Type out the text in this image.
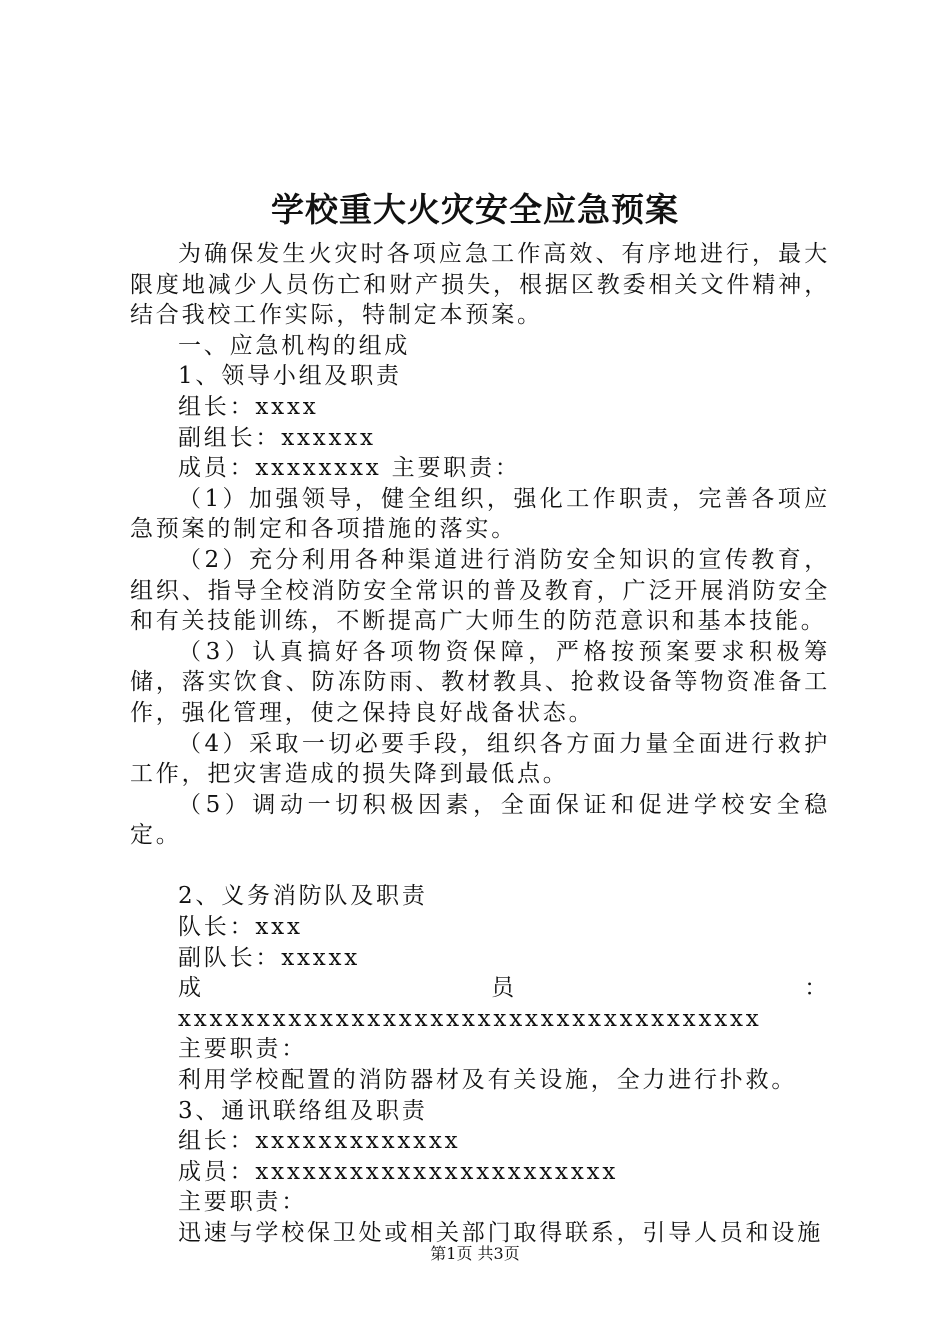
学校重大火灾安全应急预案

为确保发生火灾时各项应急工作高效、有序地进行，最大限度地减少人员伤亡和财产损失，根据区教委相关文件精神，结合我校工作实际，特制定本预案。

一、应急机构的组成

1、领导小组及职责

组长：xxxx

副组长：xxxxxx

成员：xxxxxxxx 主要职责：

（1）加强领导，健全组织，强化工作职责，完善各项应急预案的制定和各项措施的落实。

（2）充分利用各种渠道进行消防安全知识的宣传教育，组织、指导全校消防安全常识的普及教育，广泛开展消防安全和有关技能训练，不断提高广大师生的防范意识和基本技能。

（3）认真搞好各项物资保障，严格按预案要求积极筹储，落实饮食、防冻防雨、教材教具、抢救设备等物资准备工作，强化管理，使之保持良好战备状态。

（4）采取一切必要手段，组织各方面力量全面进行救护工作，把灾害造成的损失降到最低点。

（5）调动一切积极因素，全面保证和促进学校安全稳定。

2、义务消防队及职责

队长：xxx

副队长：xxxxx

成员：xxxxxxxxxxxxxxxxxxxxxxxxxxxxxxxxxxxxx

主要职责：

利用学校配置的消防器材及有关设施，全力进行扑救。

3、通讯联络组及职责

组长：xxxxxxxxxxxxx

成员：xxxxxxxxxxxxxxxxxxxxxxx

主要职责：

迅速与学校保卫处或相关部门取得联系，引导人员和设施

第1页 共3页
